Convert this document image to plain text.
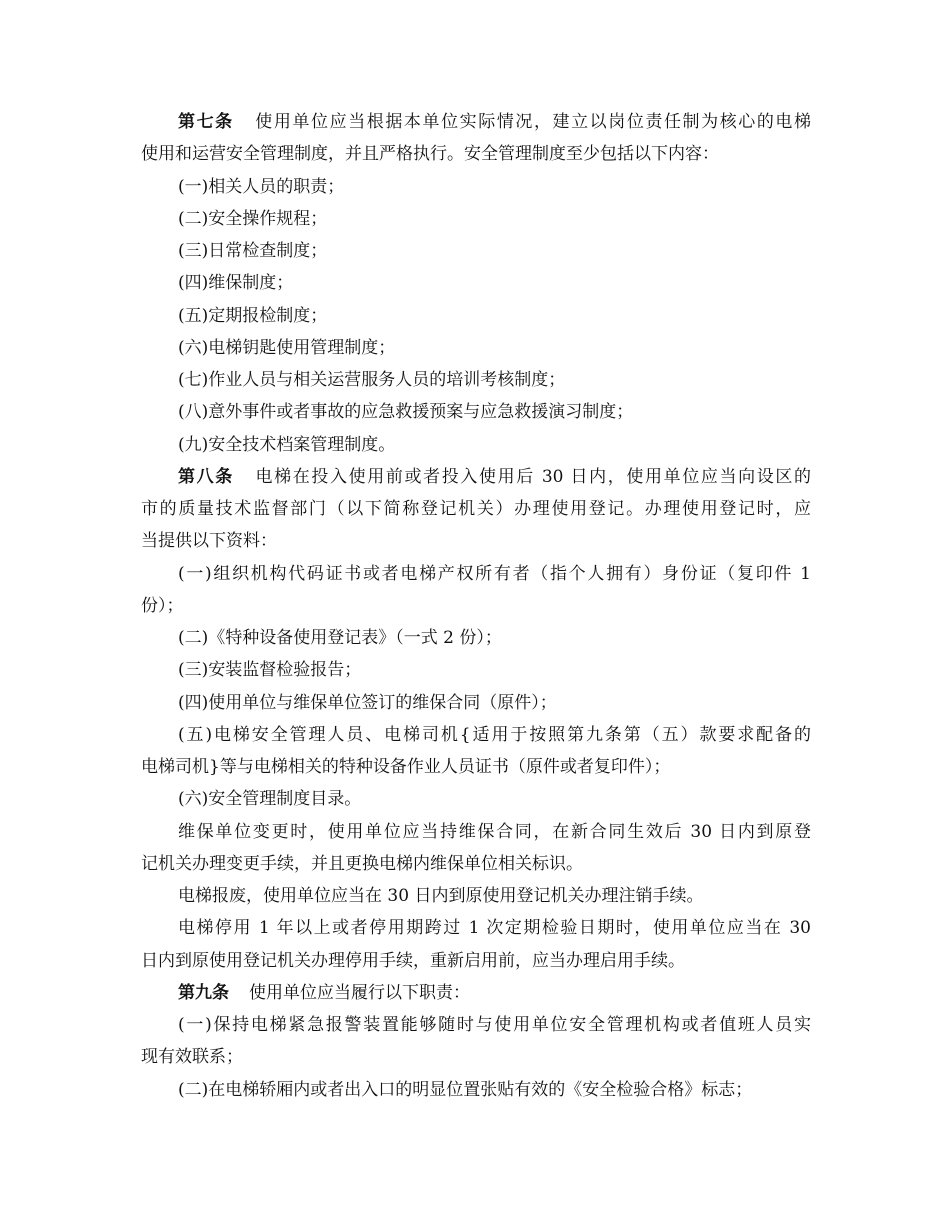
第七条 使用单位应当根据本单位实际情况，建立以岗位责任制为核心的电梯
使用和运营安全管理制度，并且严格执行。安全管理制度至少包括以下内容：
(一)相关人员的职责；
(二)安全操作规程；
(三)日常检查制度；
(四)维保制度；
(五)定期报检制度；
(六)电梯钥匙使用管理制度；
(七)作业人员与相关运营服务人员的培训考核制度；
(八)意外事件或者事故的应急救援预案与应急救援演习制度；
(九)安全技术档案管理制度。
第八条 电梯在投入使用前或者投入使用后 30 日内，使用单位应当向设区的
市的质量技术监督部门（以下简称登记机关）办理使用登记。办理使用登记时，应
当提供以下资料：
(一)组织机构代码证书或者电梯产权所有者（指个人拥有）身份证（复印件 1
份）；
(二)《特种设备使用登记表》（一式 2 份）；
(三)安装监督检验报告；
(四)使用单位与维保单位签订的维保合同（原件）；
(五)电梯安全管理人员、电梯司机{适用于按照第九条第（五）款要求配备的
电梯司机}等与电梯相关的特种设备作业人员证书（原件或者复印件）；
(六)安全管理制度目录。
维保单位变更时，使用单位应当持维保合同，在新合同生效后 30 日内到原登
记机关办理变更手续，并且更换电梯内维保单位相关标识。
电梯报废，使用单位应当在 30 日内到原使用登记机关办理注销手续。
电梯停用 1 年以上或者停用期跨过 1 次定期检验日期时，使用单位应当在 30
日内到原使用登记机关办理停用手续，重新启用前，应当办理启用手续。
第九条 使用单位应当履行以下职责：
(一)保持电梯紧急报警装置能够随时与使用单位安全管理机构或者值班人员实
现有效联系；
(二)在电梯轿厢内或者出入口的明显位置张贴有效的《安全检验合格》标志；
